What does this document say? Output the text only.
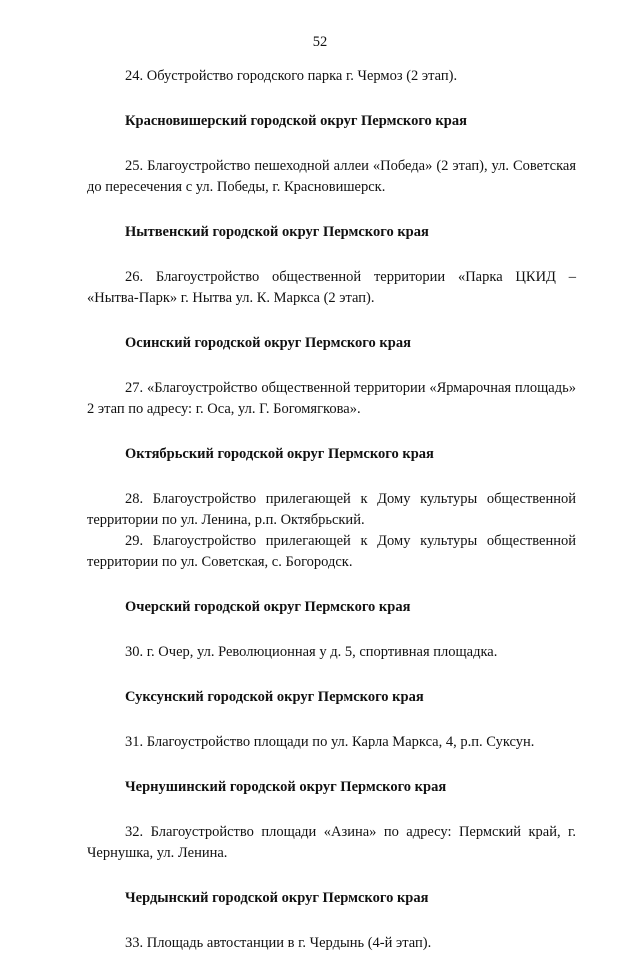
52

24. Обустройство городского парка г. Чермоз (2 этап).

Красновишерский городской округ Пермского края

25. Благоустройство пешеходной аллеи «Победа» (2 этап), ул. Советская до пересечения с ул. Победы, г. Красновишерск.

Нытвенский городской округ Пермского края

26. Благоустройство общественной территории «Парка ЦКИД – «Нытва-Парк» г. Нытва ул. К. Маркса (2 этап).

Осинский городской округ Пермского края

27. «Благоустройство общественной территории «Ярмарочная площадь» 2 этап по адресу: г. Оса, ул. Г. Богомягкова».

Октябрьский городской округ Пермского края

28. Благоустройство прилегающей к Дому культуры общественной территории по ул. Ленина, р.п. Октябрьский.

29. Благоустройство прилегающей к Дому культуры общественной территории по ул. Советская, с. Богородск.

Очерский городской округ Пермского края

30. г. Очер, ул. Революционная у д. 5, спортивная площадка.

Суксунский городской округ Пермского края

31. Благоустройство площади по ул. Карла Маркса, 4, р.п. Суксун.

Чернушинский городской округ Пермского края

32. Благоустройство площади «Азина» по адресу: Пермский край, г. Чернушка, ул. Ленина.

Чердынский городской округ Пермского края

33. Площадь автостанции в г. Чердынь (4-й этап).
